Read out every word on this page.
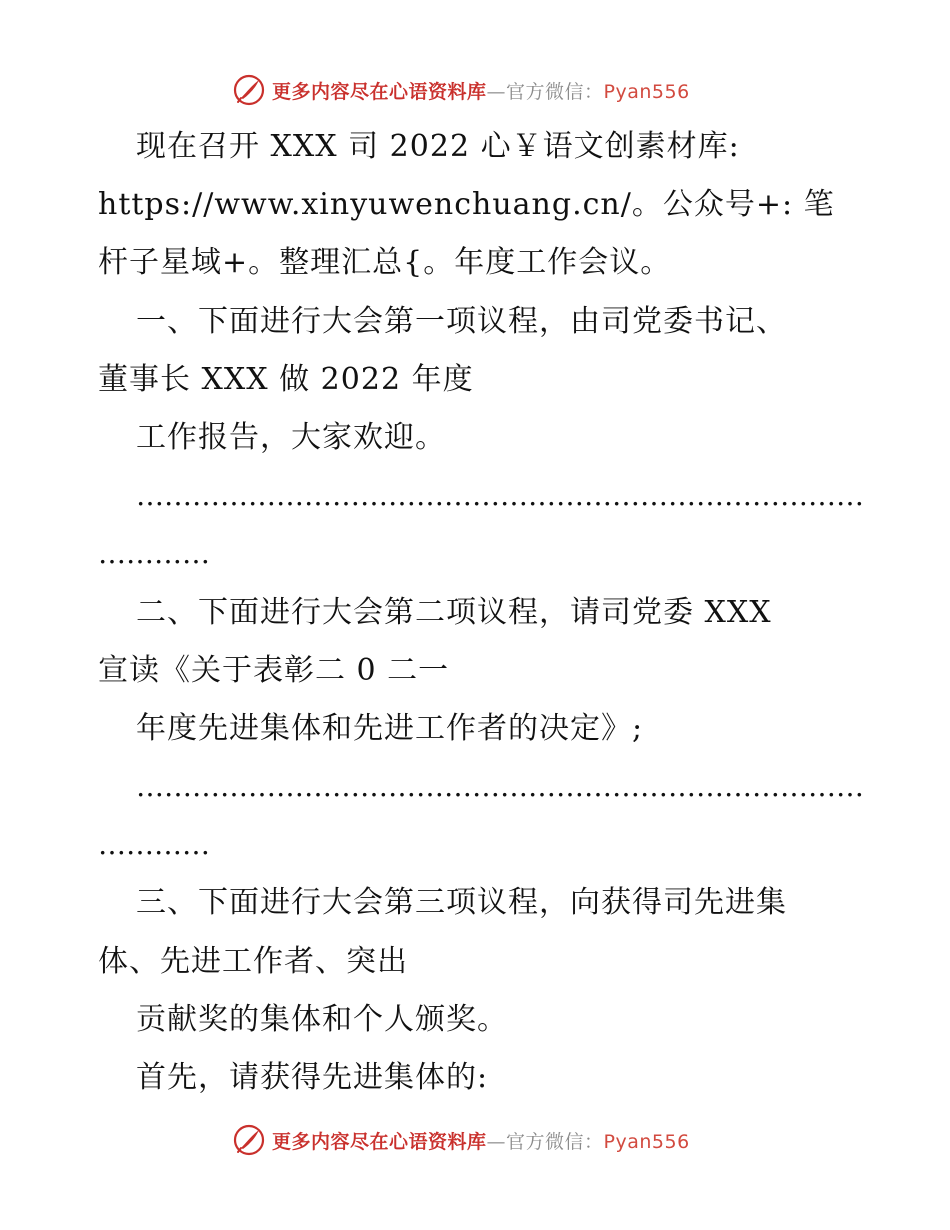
更多内容尽在心语资料库—官方微信：Pyan556
现在召开 XXX 司 2022 心￥语文创素材库:
https://www.xinyuwenchuang.cn/。公众号+: 笔
杆子星域+。整理汇总{。年度工作会议。
一、下面进行大会第一项议程，由司党委书记、
董事长 XXX 做 2022 年度
工作报告，大家欢迎。
……………………………………………………………………
…………
二、下面进行大会第二项议程，请司党委 XXX
宣读《关于表彰二 0 二一
年度先进集体和先进工作者的决定》;
……………………………………………………………………
…………
三、下面进行大会第三项议程，向获得司先进集
体、先进工作者、突出
贡献奖的集体和个人颁奖。
首先，请获得先进集体的:
更多内容尽在心语资料库—官方微信：Pyan556
